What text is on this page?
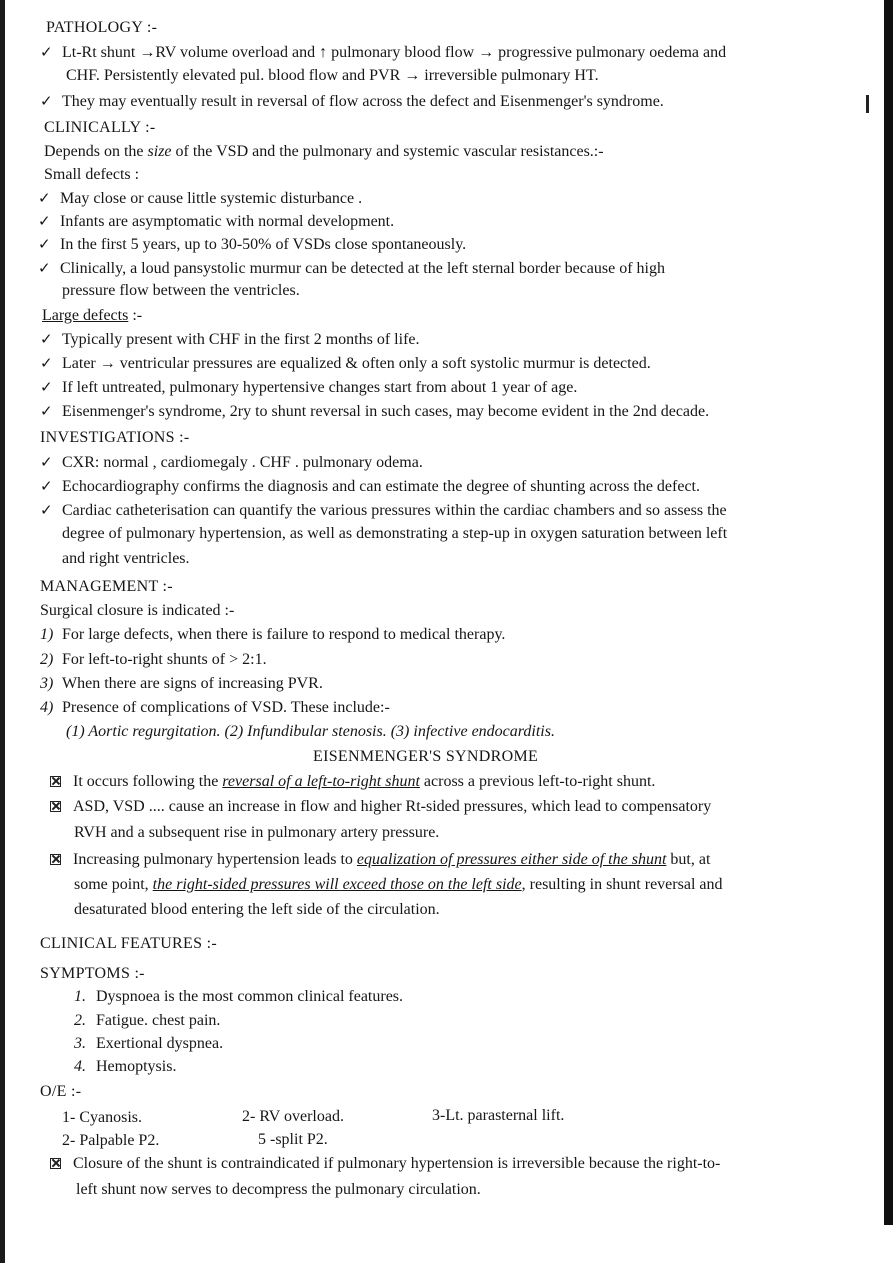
PATHOLOGY :-
✓ Lt-Rt shunt →RV volume overload and ↑ pulmonary blood flow → progressive pulmonary oedema and
CHF. Persistently elevated pul. blood flow and PVR → irreversible pulmonary HT.
✓ They may eventually result in reversal of flow across the defect and Eisenmenger's syndrome.
CLINICALLY :-
Depends on the size of the VSD and the pulmonary and systemic vascular resistances.:-
Small defects :
✓ May close or cause little systemic disturbance .
✓ Infants are asymptomatic with normal development.
✓ In the first 5 years, up to 30-50% of VSDs close spontaneously.
✓ Clinically, a loud pansystolic murmur can be detected at the left sternal border because of high
pressure flow between the ventricles.
Large defects :-
✓ Typically present with CHF in the first 2 months of life.
✓ Later → ventricular pressures are equalized & often only a soft systolic murmur is detected.
✓ If left untreated, pulmonary hypertensive changes start from about 1 year of age.
✓ Eisenmenger's syndrome, 2ry to shunt reversal in such cases, may become evident in the 2nd decade.
INVESTIGATIONS :-
✓ CXR: normal , cardiomegaly . CHF . pulmonary odema.
✓ Echocardiography confirms the diagnosis and can estimate the degree of shunting across the defect.
✓ Cardiac catheterisation can quantify the various pressures within the cardiac chambers and so assess the
degree of pulmonary hypertension, as well as demonstrating a step-up in oxygen saturation between left
and right ventricles.
MANAGEMENT :-
Surgical closure is indicated :-
1) For large defects, when there is failure to respond to medical therapy.
2) For left-to-right shunts of > 2:1.
3) When there are signs of increasing PVR.
4) Presence of complications of VSD. These include:-
(1) Aortic regurgitation. (2) Infundibular stenosis. (3) infective endocarditis.
EISENMENGER'S SYNDROME
It occurs following the reversal of a left-to-right shunt across a previous left-to-right shunt.
ASD, VSD .... cause an increase in flow and higher Rt-sided pressures, which lead to compensatory
RVH and a subsequent rise in pulmonary artery pressure.
Increasing pulmonary hypertension leads to equalization of pressures either side of the shunt but, at
some point, the right-sided pressures will exceed those on the left side, resulting in shunt reversal and
desaturated blood entering the left side of the circulation.
CLINICAL FEATURES :-
SYMPTOMS :-
1. Dyspnoea is the most common clinical features.
2. Fatigue. chest pain.
3. Exertional dyspnea.
4. Hemoptysis.
O/E :-
1- Cyanosis.	2- RV overload.	3-Lt. parasternal lift.
2- Palpable P2.	5 -split P2.
Closure of the shunt is contraindicated if pulmonary hypertension is irreversible because the right-to-
left shunt now serves to decompress the pulmonary circulation.
